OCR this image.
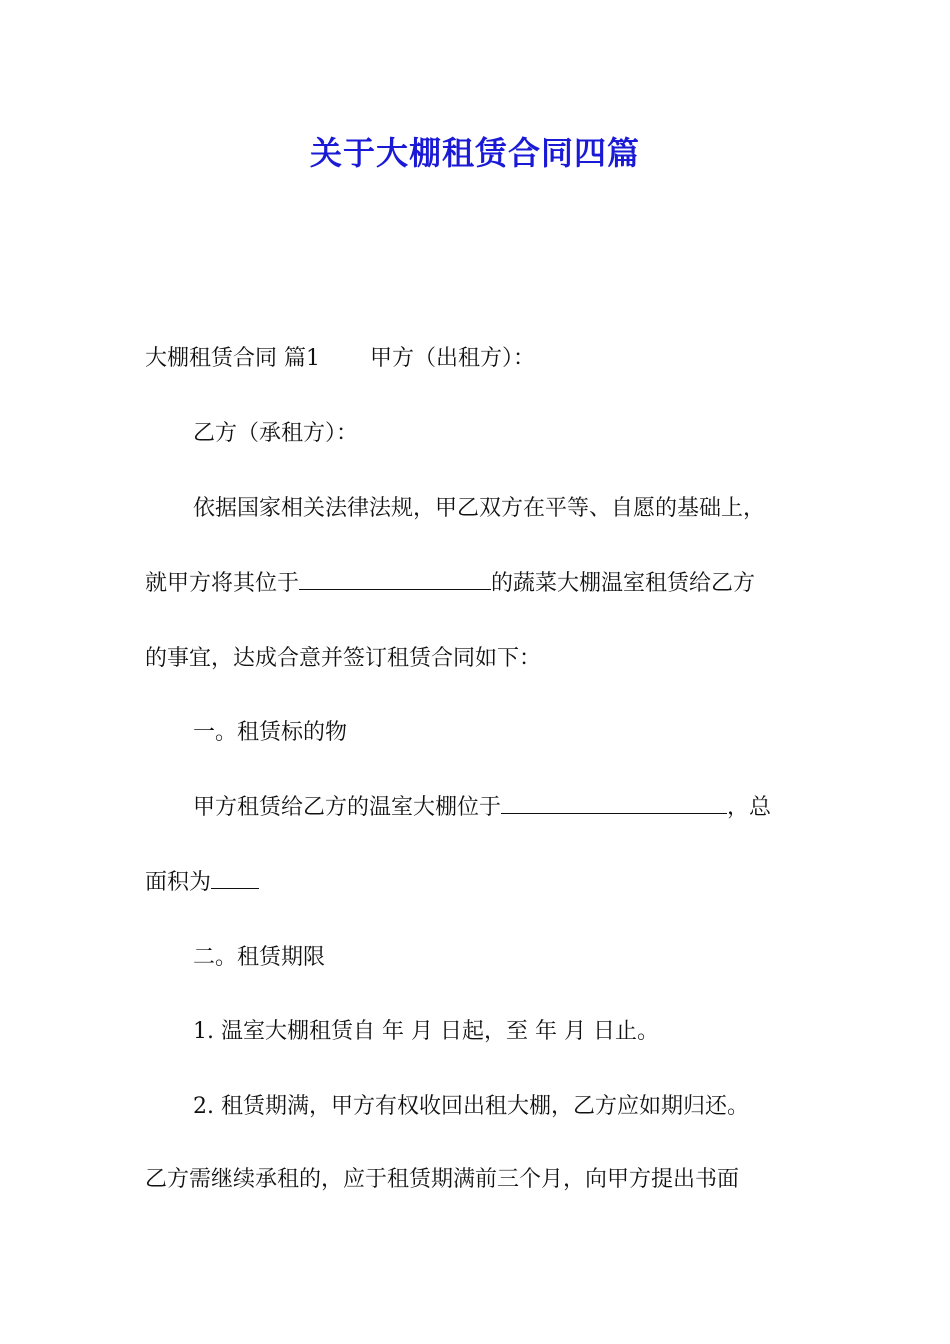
关于大棚租赁合同四篇
大棚租赁合同 篇1 甲方（出租方）：
乙方（承租方）：
依据国家相关法律法规，甲乙双方在平等、自愿的基础上，
就甲方将其位于	的蔬菜大棚温室租赁给乙方
的事宜，达成合意并签订租赁合同如下：
一。租赁标的物
甲方租赁给乙方的温室大棚位于	，总
面积为
二。租赁期限
1. 温室大棚租赁自 年 月 日起，至 年 月 日止。
2. 租赁期满，甲方有权收回出租大棚，乙方应如期归还。
乙方需继续承租的，应于租赁期满前三个月，向甲方提出书面
